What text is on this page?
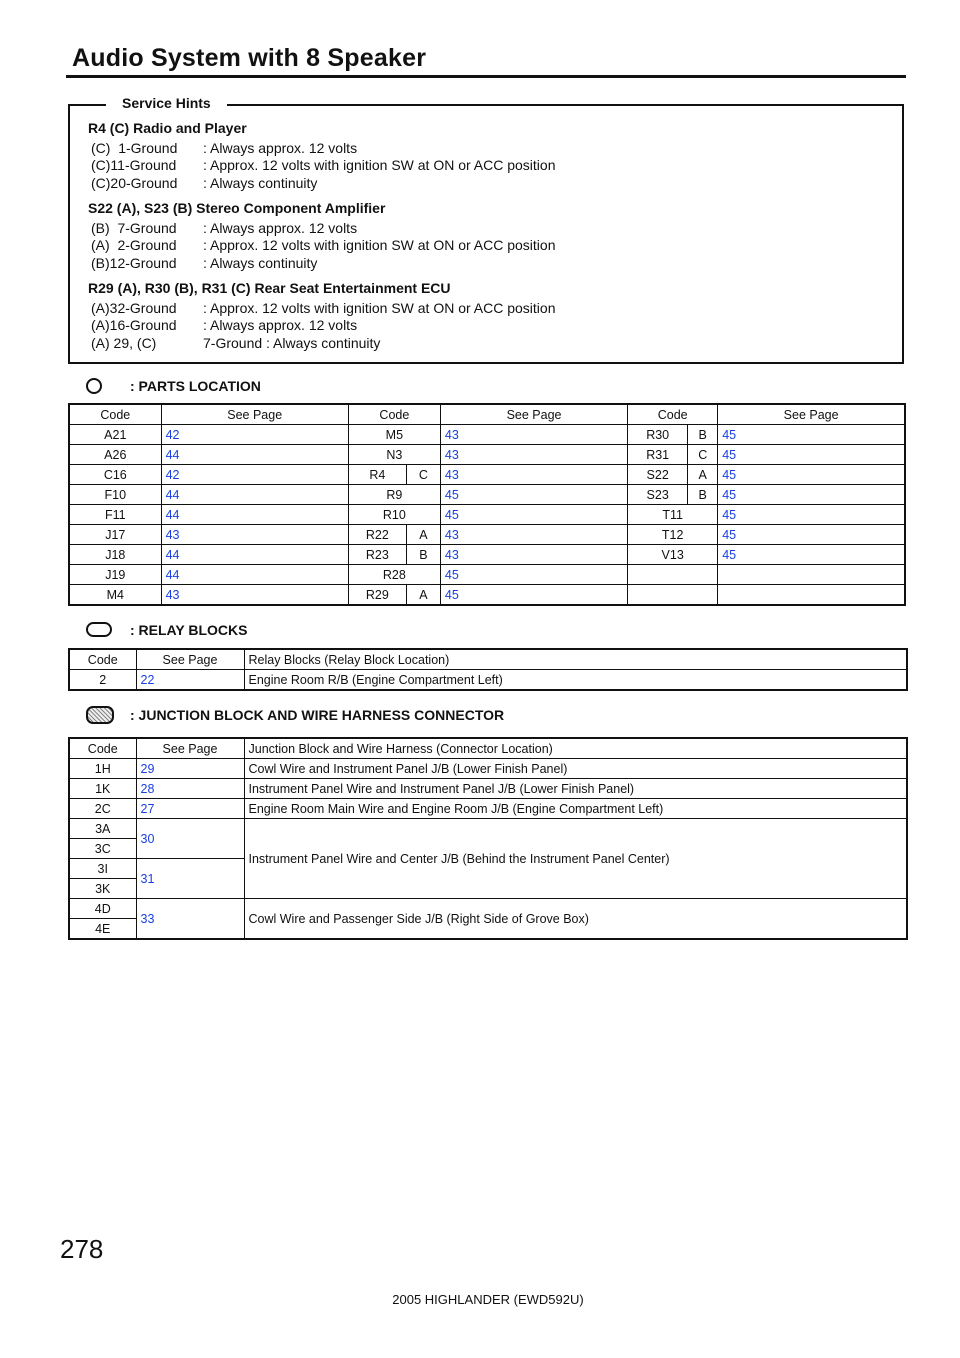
Audio System with 8 Speaker
Service Hints
R4 (C) Radio and Player
(C)  1-Ground	: Always approx. 12 volts
(C)11-Ground	: Approx. 12 volts with ignition SW at ON or ACC position
(C)20-Ground	: Always continuity
S22 (A), S23 (B) Stereo Component Amplifier
(B)  7-Ground	: Always approx. 12 volts
(A)  2-Ground	: Approx. 12 volts with ignition SW at ON or ACC position
(B)12-Ground	: Always continuity
R29 (A), R30 (B), R31 (C) Rear Seat Entertainment ECU
(A)32-Ground	: Approx. 12 volts with ignition SW at ON or ACC position
(A)16-Ground	: Always approx. 12 volts
(A) 29, (C)	7-Ground : Always continuity
: PARTS LOCATION
Code	See Page	Code		See Page	Code		See Page
A21	42	M5		43	R30	B	45
A26	44	N3		43	R31	C	45
C16	42	R4	C	43	S22	A	45
F10	44	R9		45	S23	B	45
F11	44	R10		45	T11		45
J17	43	R22	A	43	T12		45
J18	44	R23	B	43	V13		45
J19	44	R28		45			
M4	43	R29	A	45			
: RELAY BLOCKS
Code	See Page	Relay Blocks (Relay Block Location)
2	22	Engine Room R/B (Engine Compartment Left)
: JUNCTION BLOCK AND WIRE HARNESS CONNECTOR
Code	See Page	Junction Block and Wire Harness (Connector Location)
1H	29	Cowl Wire and Instrument Panel J/B (Lower Finish Panel)
1K	28	Instrument Panel Wire and Instrument Panel J/B (Lower Finish Panel)
2C	27	Engine Room Main Wire and Engine Room J/B (Engine Compartment Left)
3A	30	Instrument Panel Wire and Center J/B (Behind the Instrument Panel Center)
3C		
3I	31	
3K		
4D	33	Cowl Wire and Passenger Side J/B (Right Side of Grove Box)
4E		
278
2005 HIGHLANDER (EWD592U)
